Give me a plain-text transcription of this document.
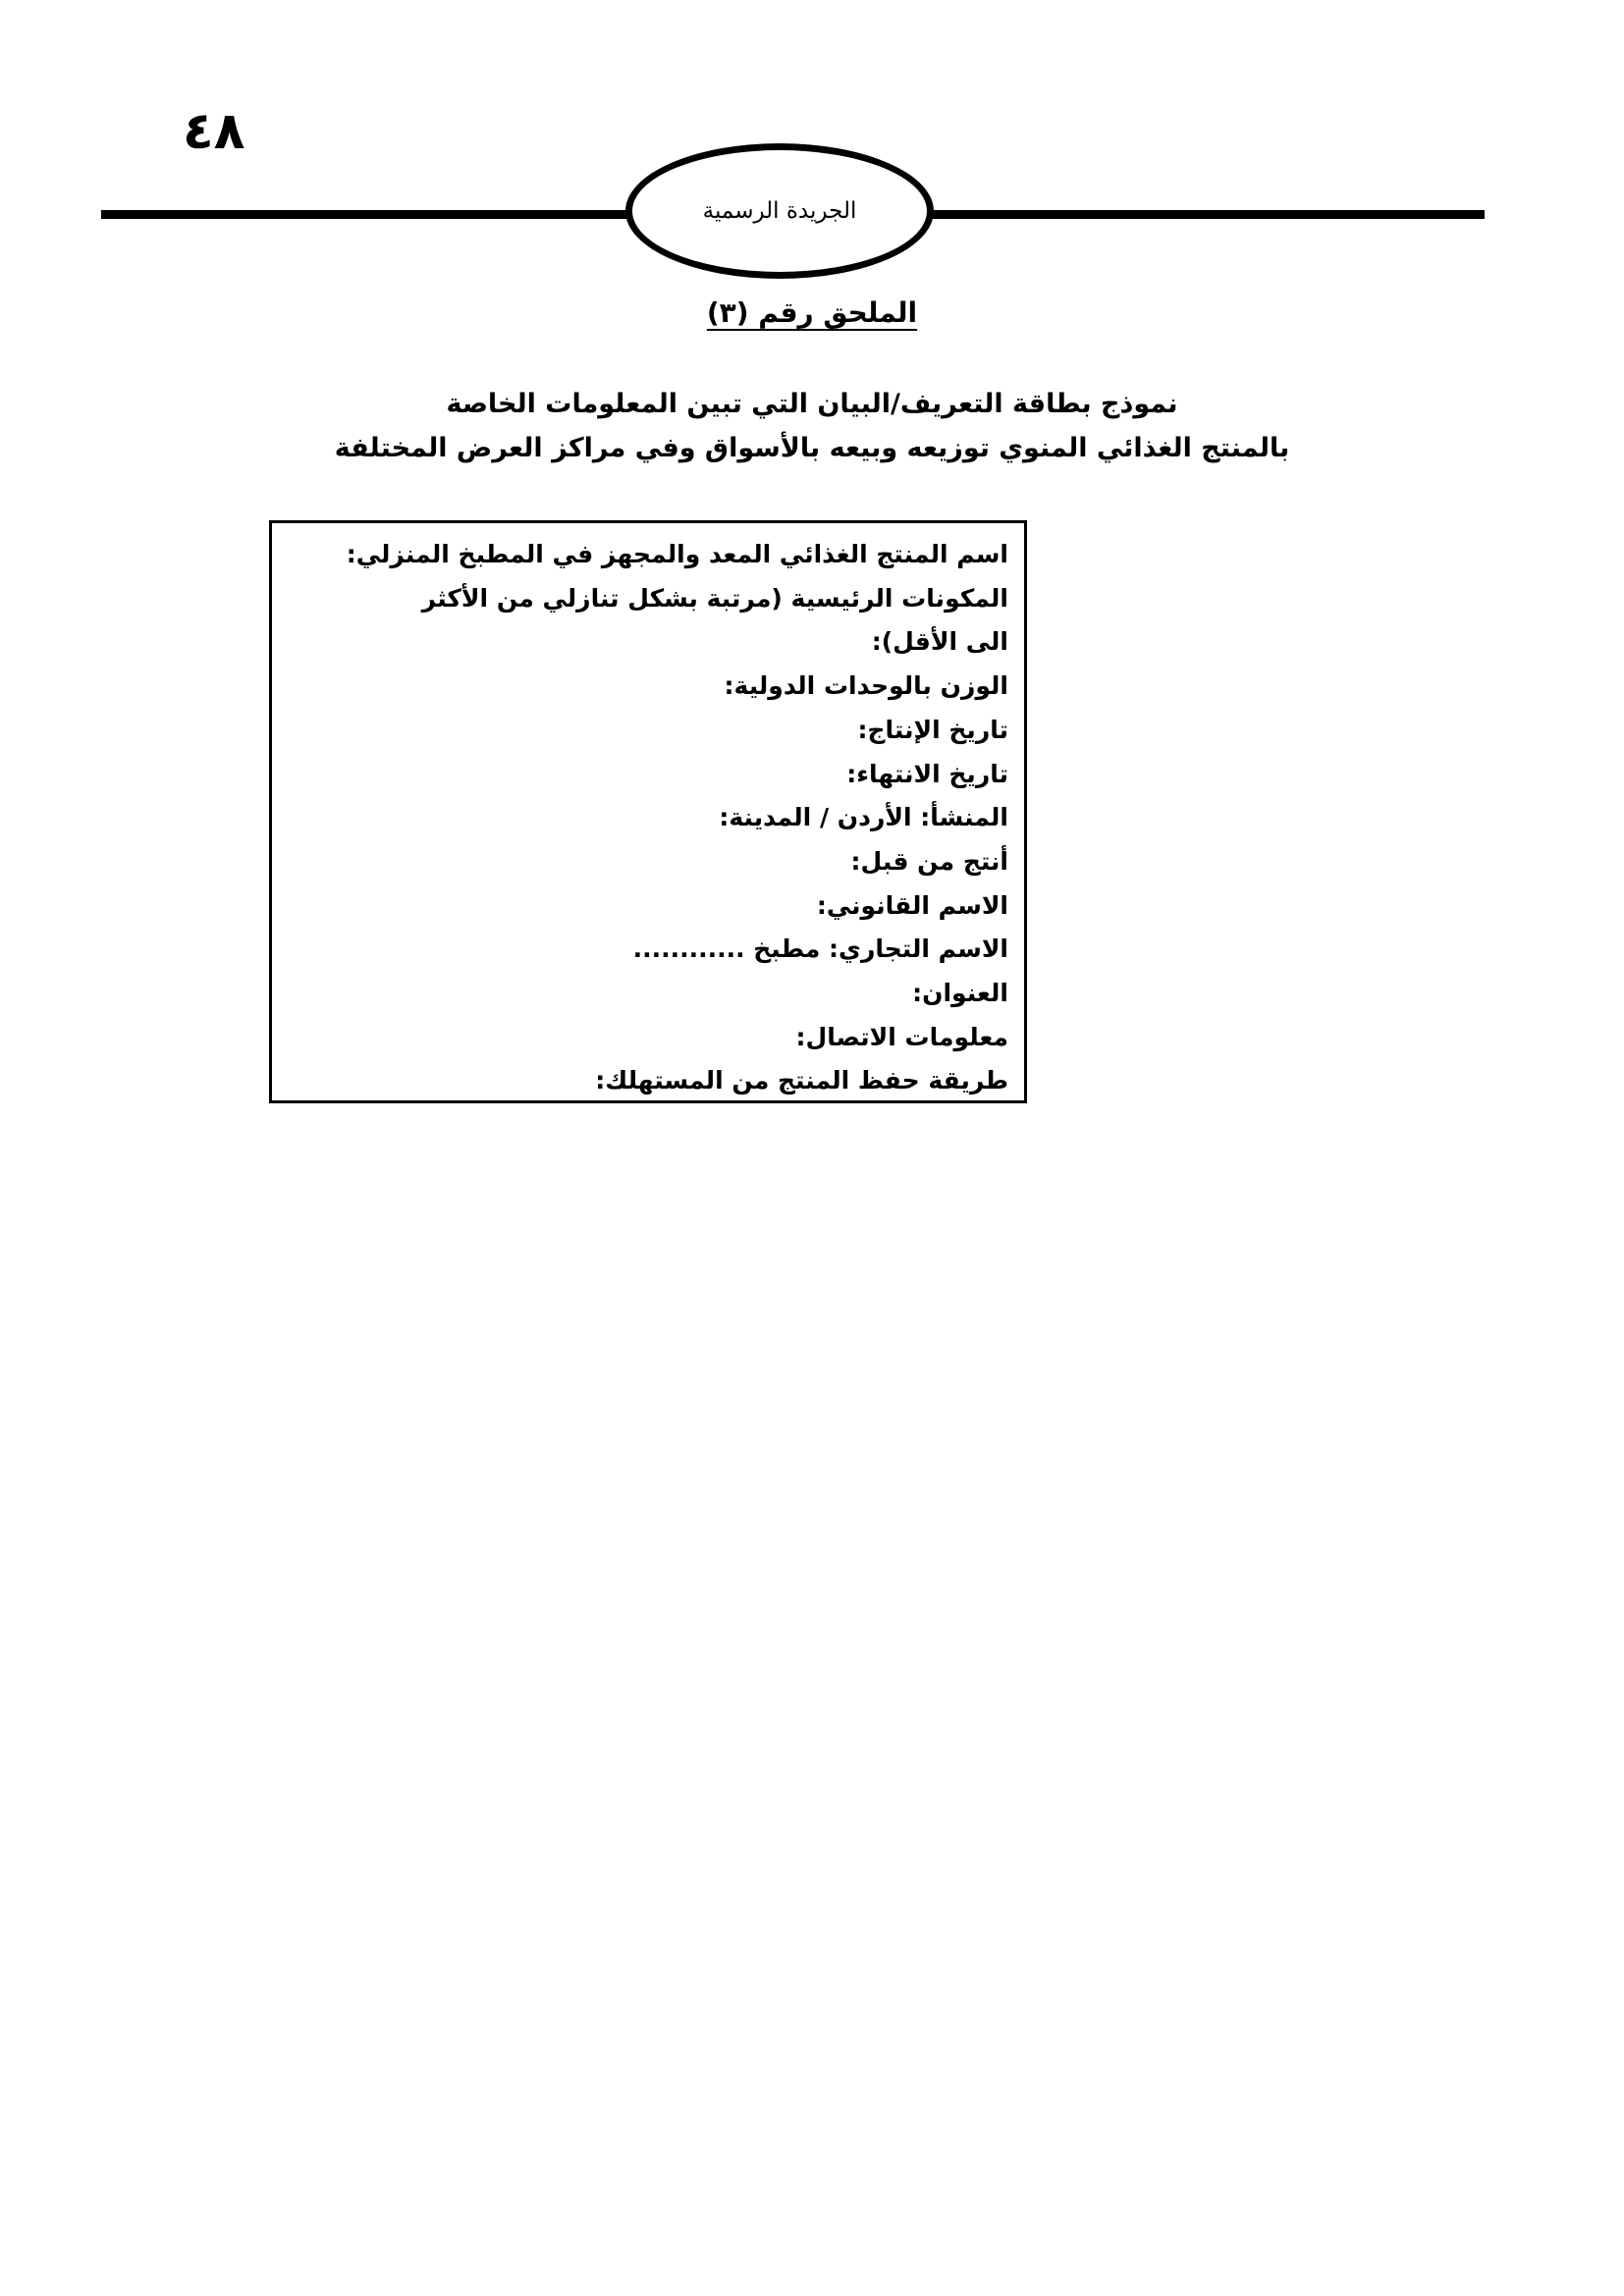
٤٨
الجريدة الرسمية
الملحق رقم (٣)
نموذج بطاقة التعريف/البيان التي تبين المعلومات الخاصة
بالمنتج الغذائي المنوي توزيعه وبيعه بالأسواق وفي مراكز العرض المختلفة
اسم المنتج الغذائي المعد والمجهز في المطبخ المنزلي:
المكونات الرئيسية (مرتبة بشكل تنازلي من الأكثر
الى الأقل):
الوزن بالوحدات الدولية:
تاريخ الإنتاج:
تاريخ الانتهاء:
المنشأ: الأردن / المدينة:
أنتج من قبل:
الاسم القانوني:
الاسم التجاري: مطبخ ............
العنوان:
معلومات الاتصال:
طريقة حفظ المنتج من المستهلك:
